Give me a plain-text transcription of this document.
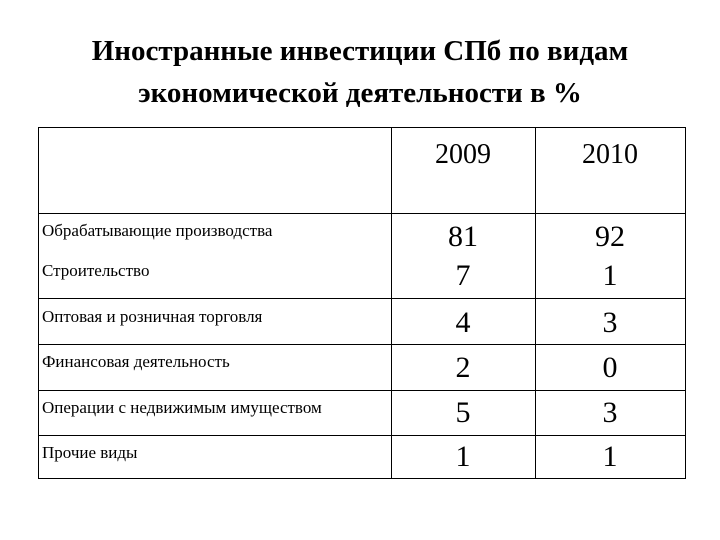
Иностранные инвестиции СПб по видам
экономической деятельности в %
2009	2010
Обрабатывающие производства	81	92
Строительство	7	1
Оптовая и розничная торговля	4	3
Финансовая деятельность	2	0
Операции с недвижимым имуществом	5	3
Прочие виды	1	1
